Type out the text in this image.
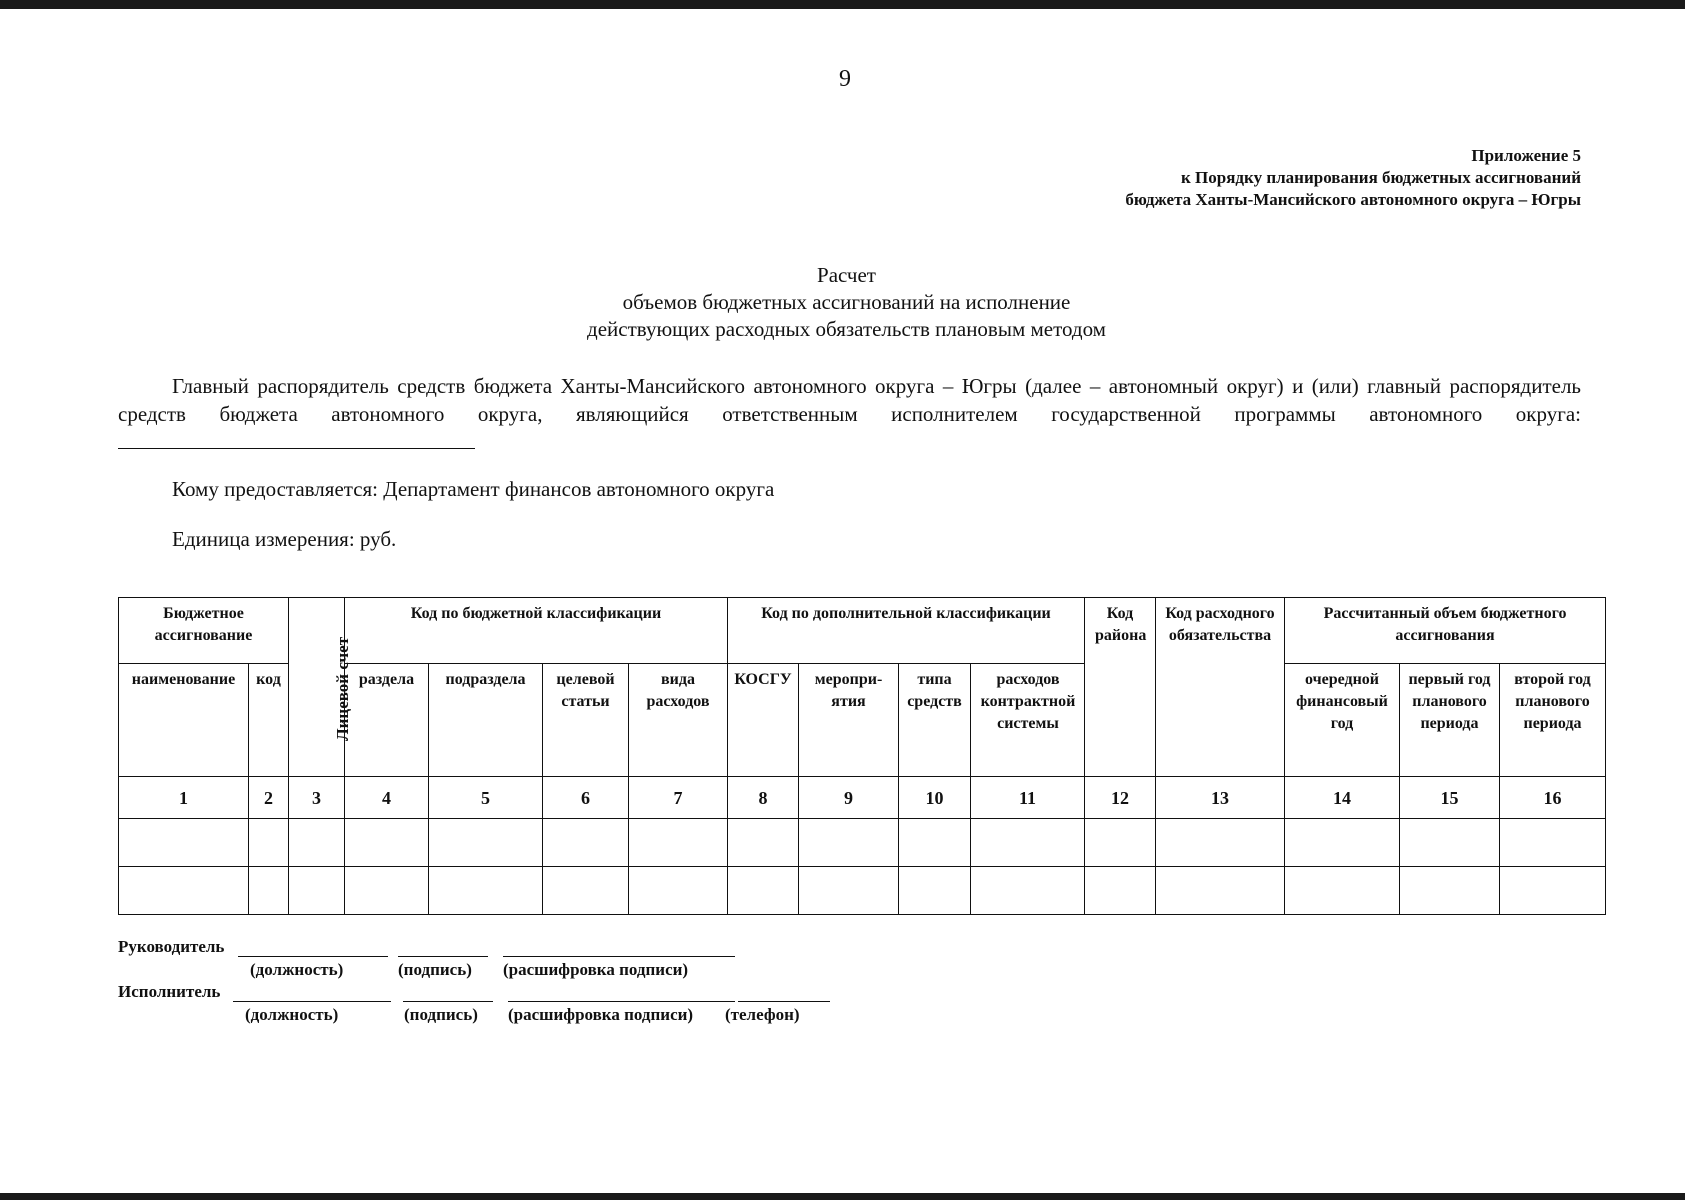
9
Приложение 5
к Порядку планирования бюджетных ассигнований
бюджета Ханты-Мансийского автономного округа – Югры
Расчет
объемов бюджетных ассигнований на исполнение
действующих расходных обязательств плановым методом
Главный распорядитель средств бюджета Ханты-Мансийского автономного округа – Югры (далее – автономный округ) и (или) главный распорядитель средств бюджета автономного округа, являющийся ответственным исполнителем государственной программы автономного округа:
Кому предоставляется: Департамент финансов автономного округа
Единица измерения: руб.
Бюджетное ассигнование		Лицевой счет	Код по бюджетной классификации				Код по дополнительной классификации				Код района	Код расходного обязательства	Рассчитанный объем бюджетного ассигнования		

наименование	код		раздела	подраздела	целевой статьи	вида расходов	КОСГУ	меропри-ятия	типа средств	расходов контрактной системы			очередной финансовый год	первый год планового периода	второй год планового периода

1	2	3	4	5	6	7	8	9	10	11	12	13	14	15	16

Руководитель
(должность)	(подпись) (расшифровка подписи)
Исполнитель
(должность)	(подпись) (расшифровка подписи) (телефон)
